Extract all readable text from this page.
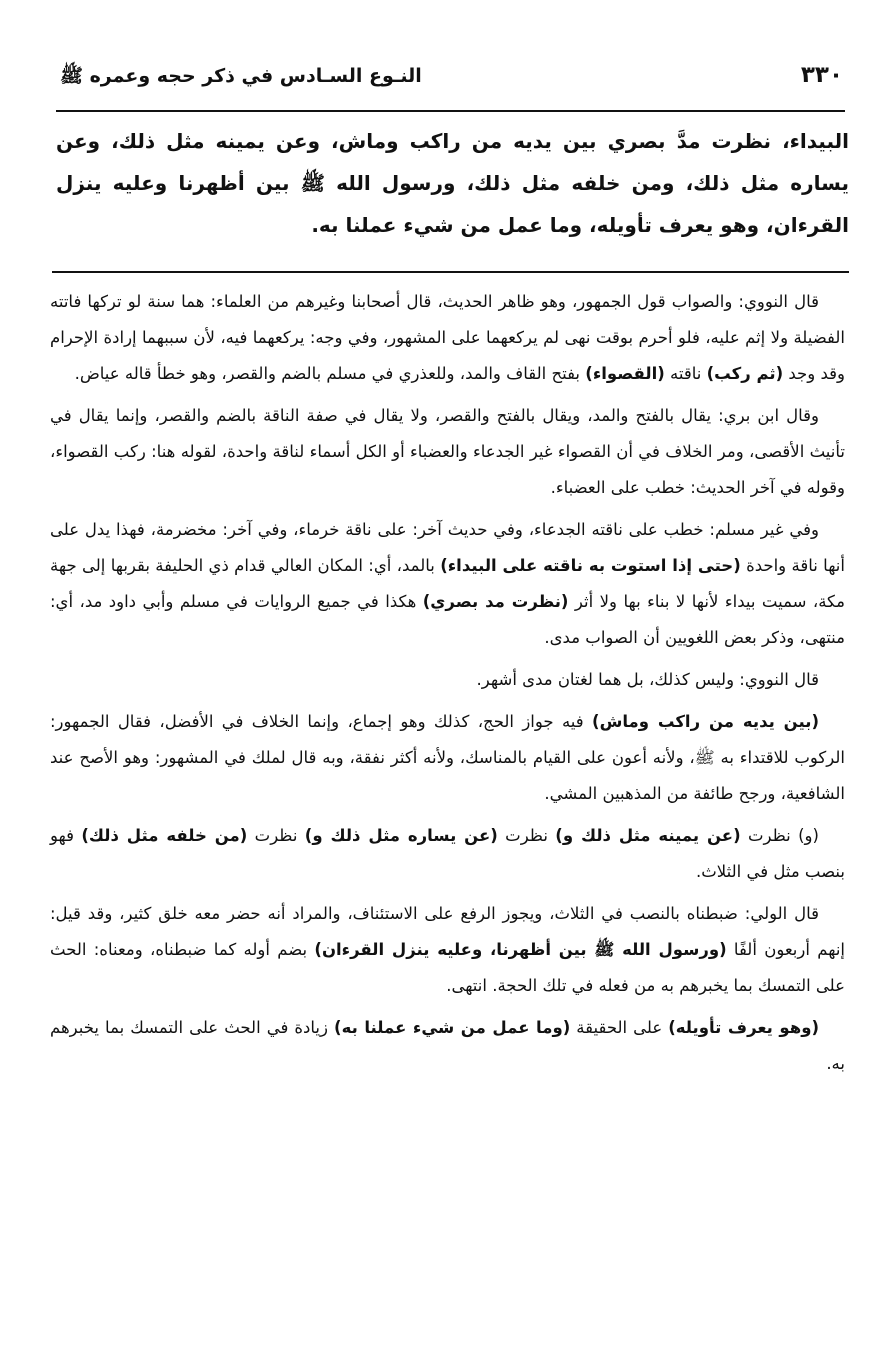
٣٣٠
النـوع السـادس في ذكر حجه وعمره ﷺ
البيداء، نظرت مدَّ بصري بين يديه من راكب وماش، وعن يمينه مثل ذلك، وعن يساره مثل ذلك، ومن خلفه مثل ذلك، ورسول الله ﷺ بين أظهرنا وعليه ينزل القرءان، وهو يعرف تأويله، وما عمل من شيء عملنا به.

قال النووي: والصواب قول الجمهور، وهو ظاهر الحديث، قال أصحابنا وغيرهم من العلماء: هما سنة لو تركها فاتته الفضيلة ولا إثم عليه، فلو أحرم بوقت نهى لم يركعهما على المشهور، وفي وجه: يركعهما فيه، لأن سببهما إرادة الإحرام وقد وجد (ثم ركب) ناقته (القصواء) بفتح القاف والمد، وللعذري في مسلم بالضم والقصر، وهو خطأ قاله عياض.

وقال ابن بري: يقال بالفتح والمد، ويقال بالفتح والقصر، ولا يقال في صفة الناقة بالضم والقصر، وإنما يقال في تأنيث الأقصى، ومر الخلاف في أن القصواء غير الجدعاء والعضباء أو الكل أسماء لناقة واحدة، لقوله هنا: ركب القصواء، وقوله في آخر الحديث: خطب على العضباء.

وفي غير مسلم: خطب على ناقته الجدعاء، وفي حديث آخر: على ناقة خرماء، وفي آخر: مخضرمة، فهذا يدل على أنها ناقة واحدة (حتى إذا استوت به ناقته على البيداء) بالمد، أي: المكان العالي قدام ذي الحليفة بقربها إلى جهة مكة، سميت بيداء لأنها لا بناء بها ولا أثر (نظرت مد بصري) هكذا في جميع الروايات في مسلم وأبي داود مد، أي: منتهى، وذكر بعض اللغويين أن الصواب مدى.

قال النووي: وليس كذلك، بل هما لغتان مدى أشهر.

(بين يديه من راكب وماش) فيه جواز الحج، كذلك وهو إجماع، وإنما الخلاف في الأفضل، فقال الجمهور: الركوب للاقتداء به ﷺ، ولأنه أعون على القيام بالمناسك، ولأنه أكثر نفقة، وبه قال لملك في المشهور: وهو الأصح عند الشافعية، ورجح طائفة من المذهبين المشي.

(و) نظرت (عن يمينه مثل ذلك و) نظرت (عن يساره مثل ذلك و) نظرت (من خلفه مثل ذلك) فهو بنصب مثل في الثلاث.

قال الولي: ضبطناه بالنصب في الثلاث، ويجوز الرفع على الاستئناف، والمراد أنه حضر معه خلق كثير، وقد قيل: إنهم أربعون ألفًا (ورسول الله ﷺ بين أظهرنا، وعليه ينزل القرءان) بضم أوله كما ضبطناه، ومعناه: الحث على التمسك بما يخبرهم به من فعله في تلك الحجة. انتهى.

(وهو يعرف تأويله) على الحقيقة (وما عمل من شيء عملنا به) زيادة في الحث على التمسك بما يخبرهم به.
